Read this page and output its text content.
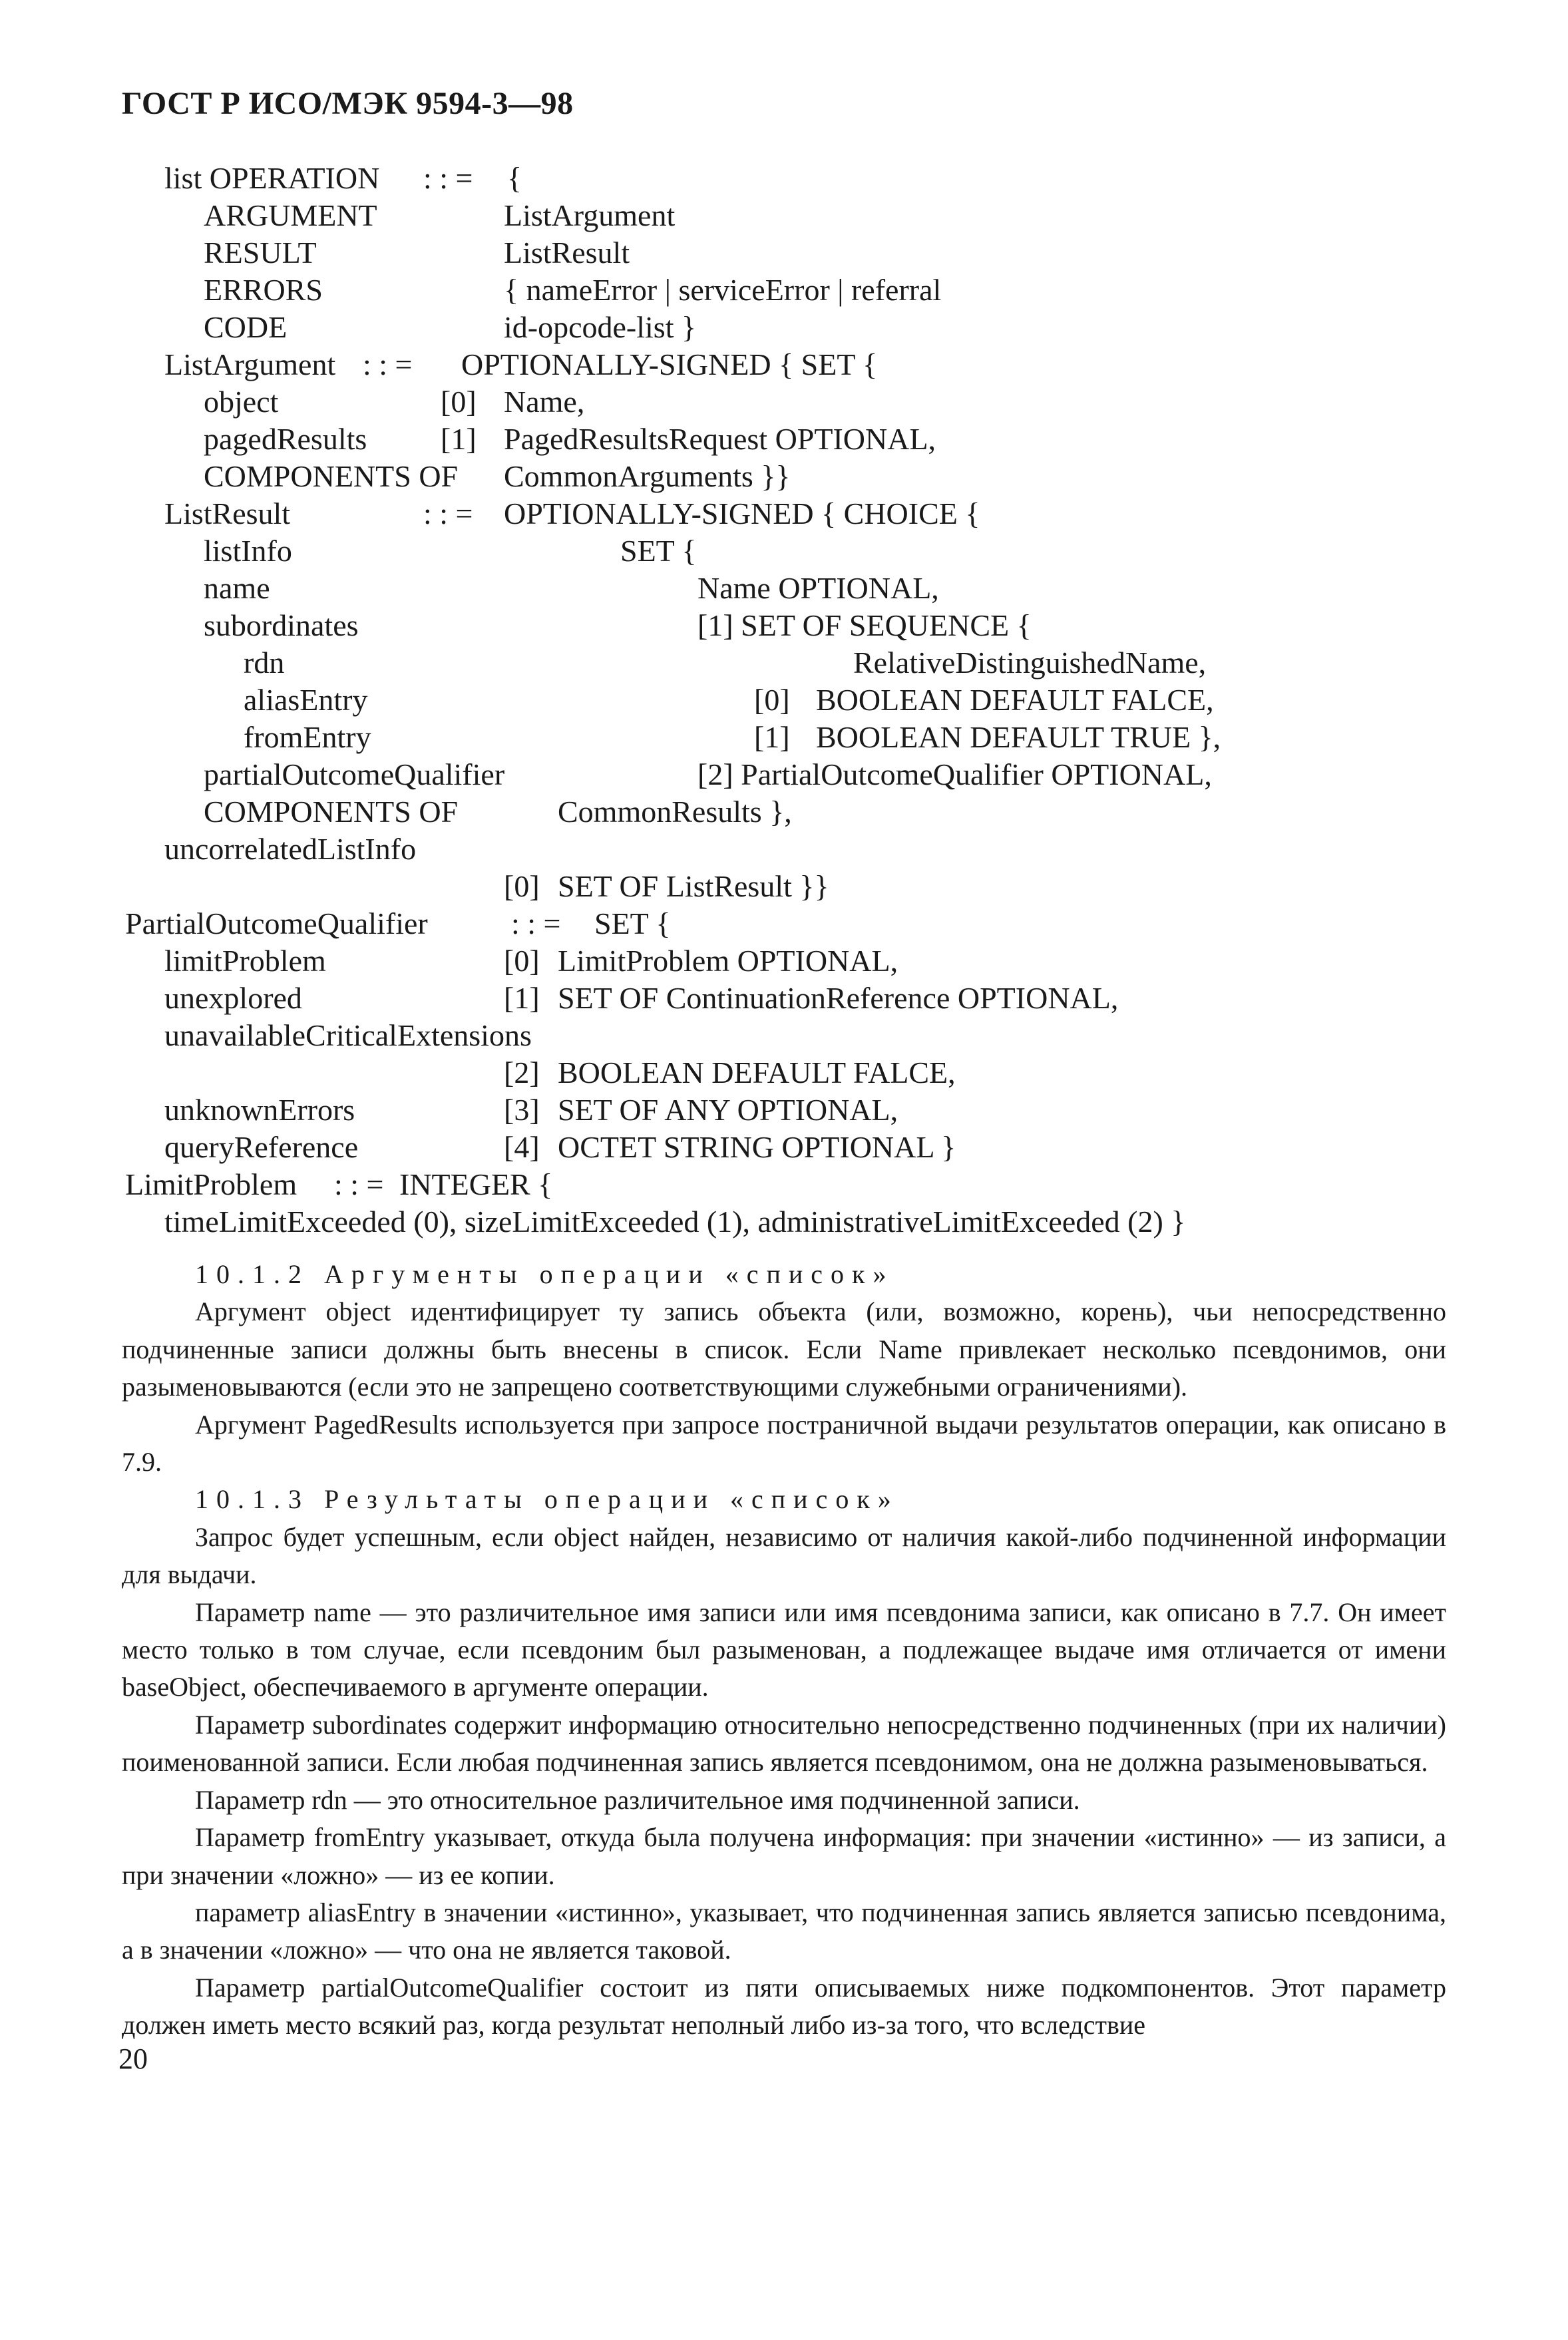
ГОСТ Р ИСО/МЭК 9594-3—98
list OPERATION : : = {
ARGUMENT	ListArgument
RESULT	ListResult
ERRORS	{ nameError | serviceError | referral
CODE	id-opcode-list }
ListArgument : : = OPTIONALLY-SIGNED { SET {
object	[0] Name,
pagedResults [1] PagedResultsRequest OPTIONAL,
COMPONENTS OF CommonArguments }}
ListResult	: : = OPTIONALLY-SIGNED { CHOICE {
listInfo	SET {
name	Name OPTIONAL,
subordinates	[1] SET OF SEQUENCE {
rdn	RelativeDistinguishedName,
aliasEntry	[0] BOOLEAN DEFAULT FALCE,
fromEntry	[1] BOOLEAN DEFAULT TRUE },
partialOutcomeQualifier	[2] PartialOutcomeQualifier OPTIONAL,
COMPONENTS OF	CommonResults },
uncorrelatedListInfo
[0] SET OF ListResult }}
PartialOutcomeQualifier	: : = SET {
limitProblem	[0] LimitProblem OPTIONAL,
unexplored	[1] SET OF ContinuationReference OPTIONAL,
unavailableCriticalExtensions
[2] BOOLEAN DEFAULT FALCE,
unknownErrors	[3] SET OF ANY OPTIONAL,
queryReference	[4] OCTET STRING OPTIONAL }
LimitProblem : : = INTEGER {
timeLimitExceeded (0), sizeLimitExceeded (1), administrativeLimitExceeded (2) }

10.1.2 Аргументы операции «список»

Аргумент object идентифицирует ту запись объекта (или, возможно, корень), чьи непосредственно подчиненные записи должны быть внесены в список. Если Name привлекает несколько псевдонимов, они разыменовываются (если это не запрещено соответствующими служебными ограничениями).

Аргумент PagedResults используется при запросе постраничной выдачи результатов операции, как описано в 7.9.

10.1.3 Результаты операции «список»

Запрос будет успешным, если object найден, независимо от наличия какой-либо подчиненной информации для выдачи.

Параметр name — это различительное имя записи или имя псевдонима записи, как описано в 7.7. Он имеет место только в том случае, если псевдоним был разыменован, а подлежащее выдаче имя отличается от имени baseObject, обеспечиваемого в аргументе операции.

Параметр subordinates содержит информацию относительно непосредственно подчиненных (при их наличии) поименованной записи. Если любая подчиненная запись является псевдонимом, она не должна разыменовываться.

Параметр rdn — это относительное различительное имя подчиненной записи.

Параметр fromEntry указывает, откуда была получена информация: при значении «истинно» — из записи, а при значении «ложно» — из ее копии.

параметр aliasEntry в значении «истинно», указывает, что подчиненная запись является записью псевдонима, а в значении «ложно» — что она не является таковой.

Параметр partialOutcomeQualifier состоит из пяти описываемых ниже подкомпонентов. Этот параметр должен иметь место всякий раз, когда результат неполный либо из-за того, что вследствие

20
